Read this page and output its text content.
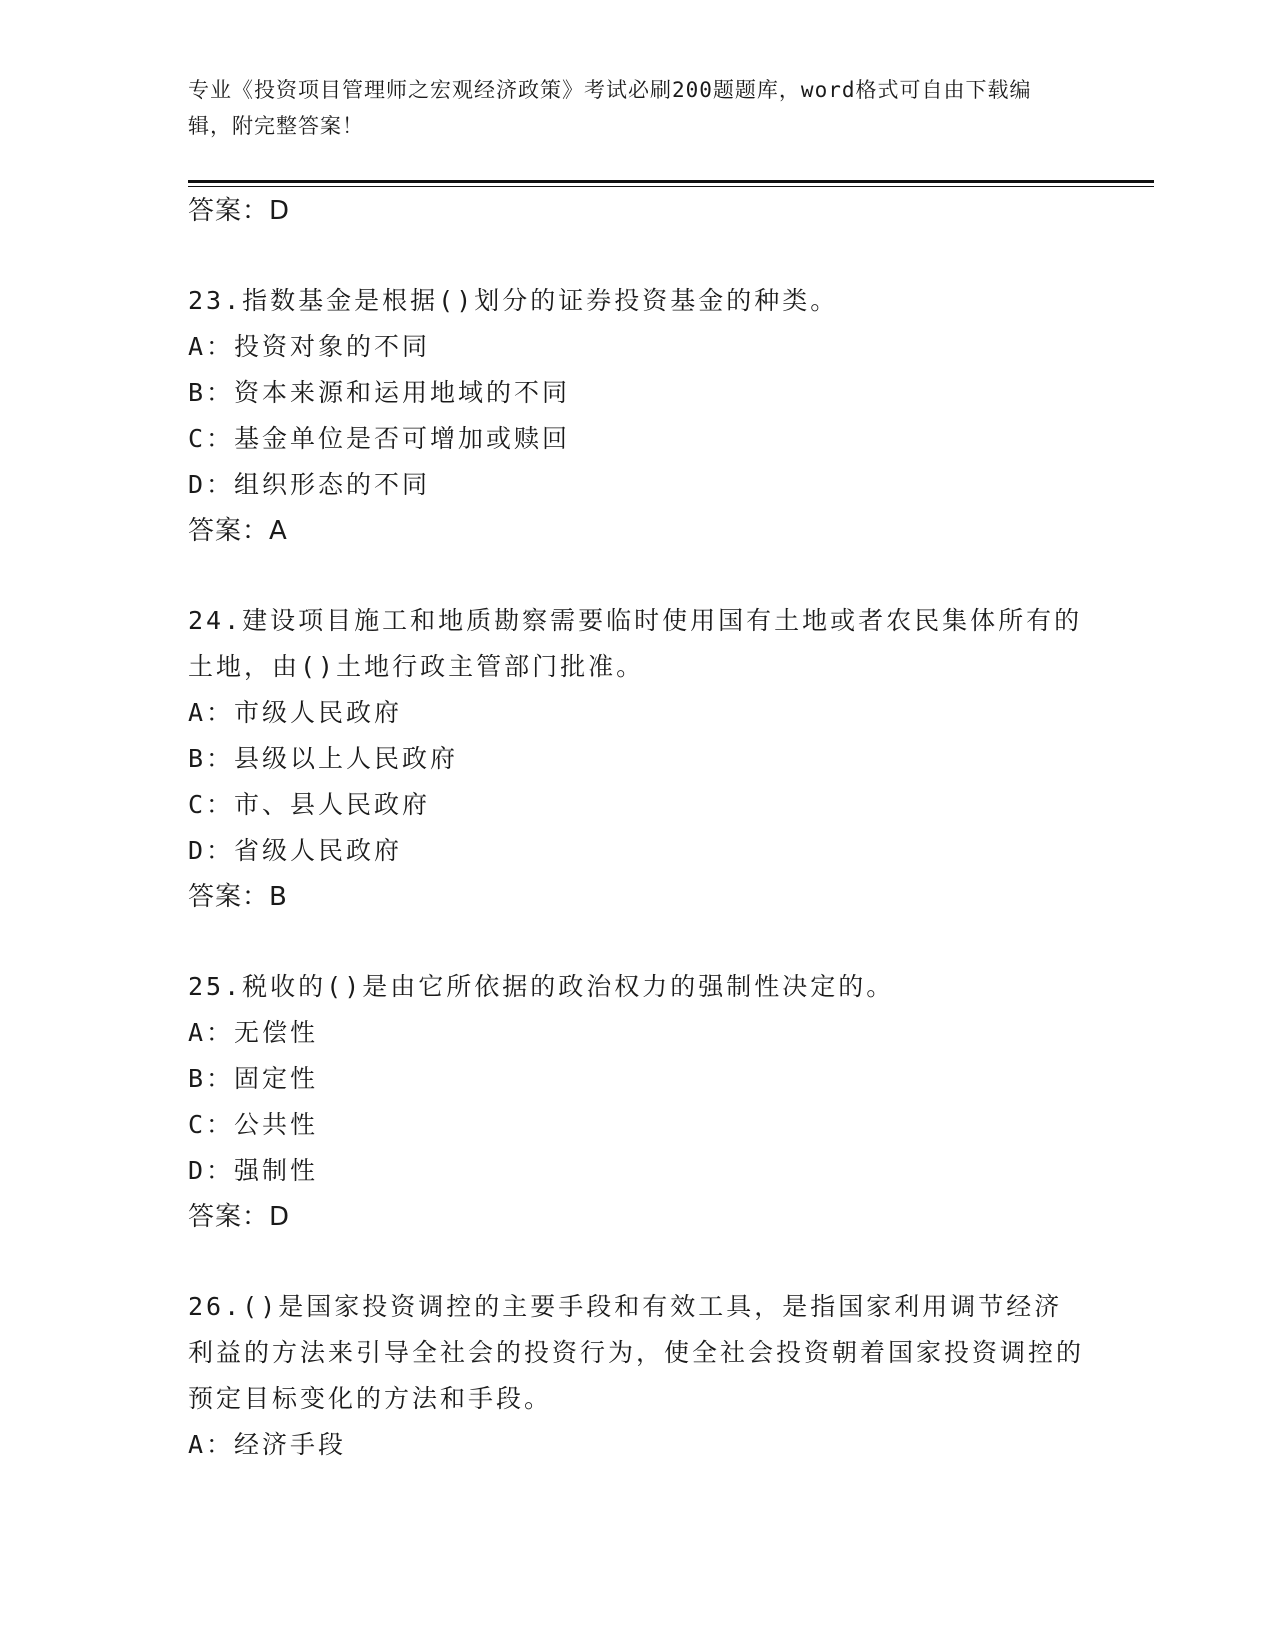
专业《投资项目管理师之宏观经济政策》考试必刷200题题库，word格式可自由下载编辑，附完整答案！

答案：D

23.指数基金是根据()划分的证券投资基金的种类。

A：投资对象的不同

B：资本来源和运用地域的不同

C：基金单位是否可增加或赎回

D：组织形态的不同

答案：A

24.建设项目施工和地质勘察需要临时使用国有土地或者农民集体所有的土地，由()土地行政主管部门批准。

A：市级人民政府

B：县级以上人民政府

C：市、县人民政府

D：省级人民政府

答案：B

25.税收的()是由它所依据的政治权力的强制性决定的。

A：无偿性

B：固定性

C：公共性

D：强制性

答案：D

26.()是国家投资调控的主要手段和有效工具，是指国家利用调节经济利益的方法来引导全社会的投资行为，使全社会投资朝着国家投资调控的预定目标变化的方法和手段。

A：经济手段
